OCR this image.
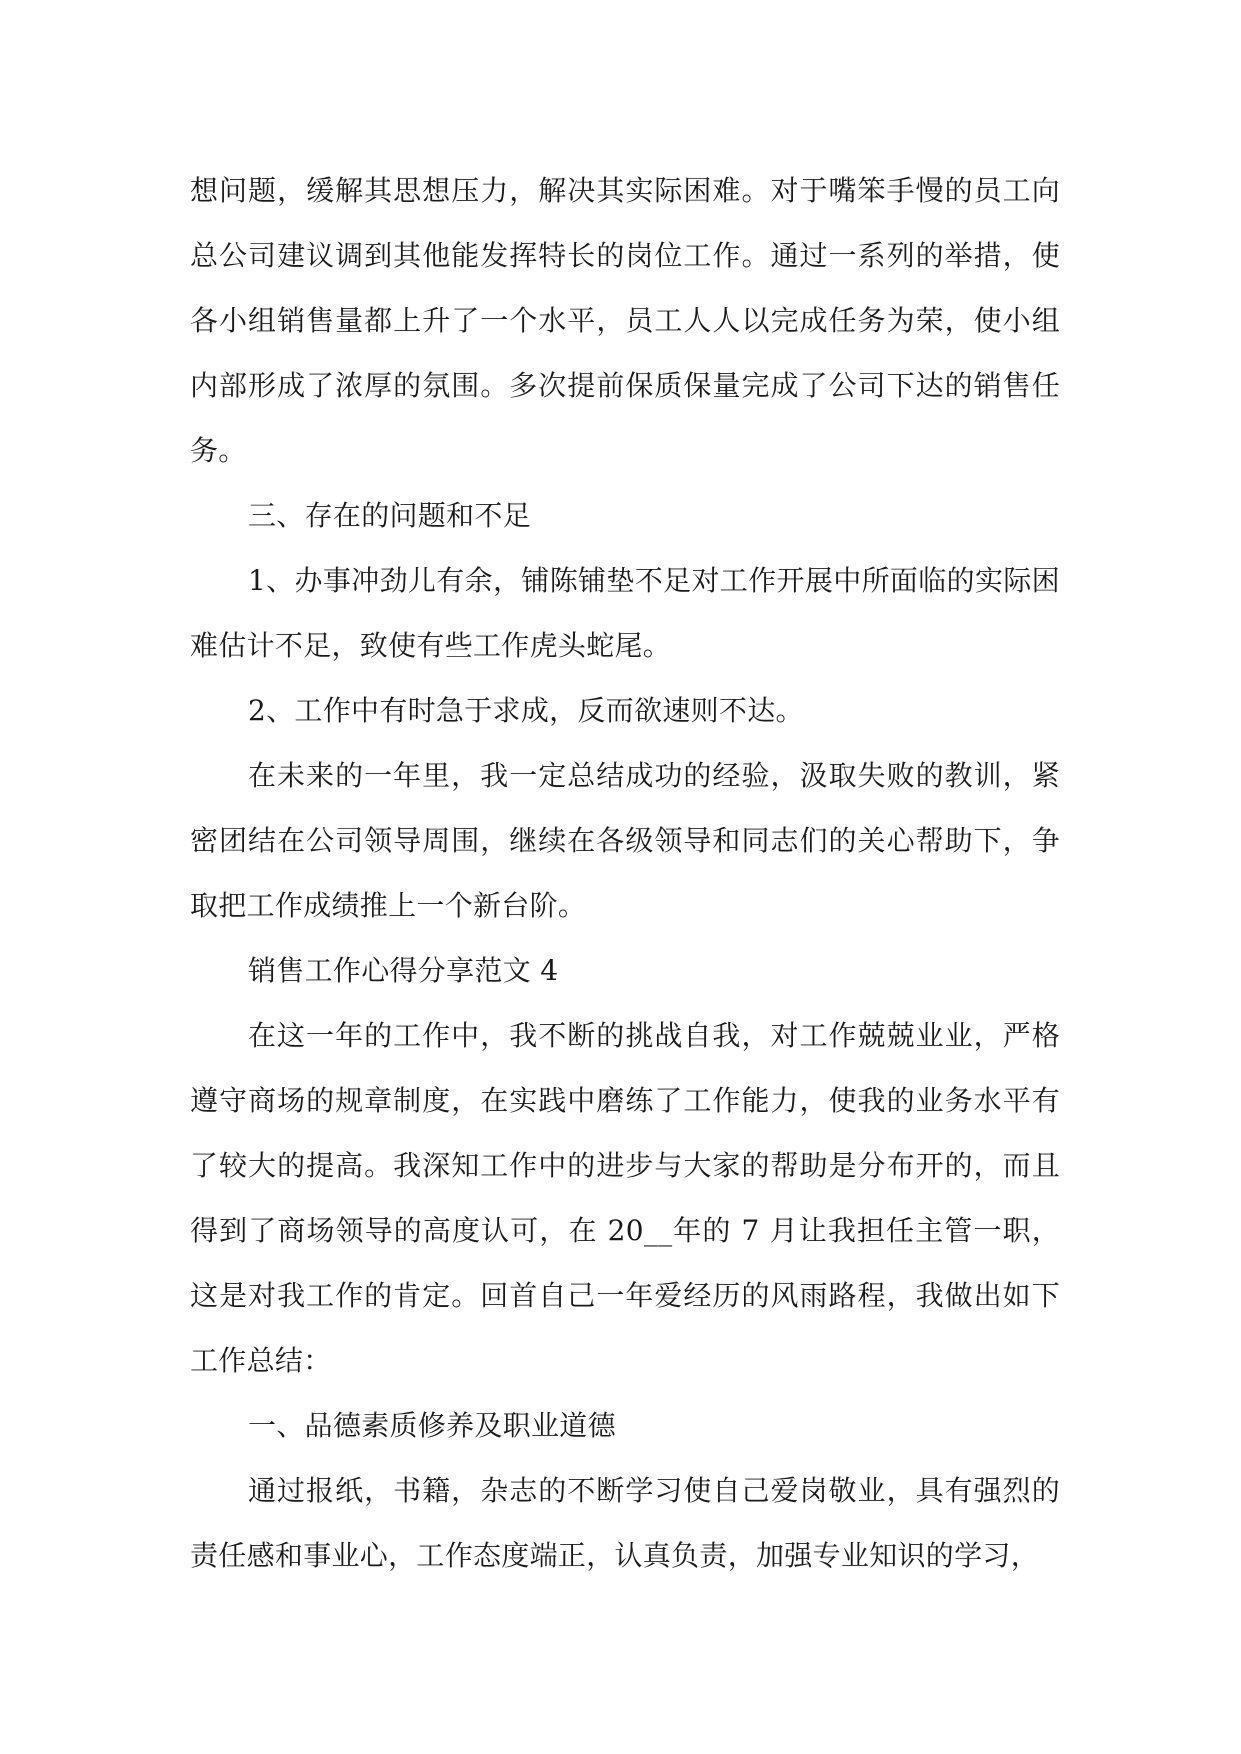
想问题，缓解其思想压力，解决其实际困难。对于嘴笨手慢的员工向总公司建议调到其他能发挥特长的岗位工作。通过一系列的举措，使各小组销售量都上升了一个水平，员工人人以完成任务为荣，使小组内部形成了浓厚的氛围。多次提前保质保量完成了公司下达的销售任务。

三、存在的问题和不足

1、办事冲劲儿有余，铺陈铺垫不足对工作开展中所面临的实际困难估计不足，致使有些工作虎头蛇尾。

2、工作中有时急于求成，反而欲速则不达。

在未来的一年里，我一定总结成功的经验，汲取失败的教训，紧密团结在公司领导周围，继续在各级领导和同志们的关心帮助下，争取把工作成绩推上一个新台阶。

销售工作心得分享范文 4

在这一年的工作中，我不断的挑战自我，对工作兢兢业业，严格遵守商场的规章制度，在实践中磨练了工作能力，使我的业务水平有了较大的提高。我深知工作中的进步与大家的帮助是分布开的，而且得到了商场领导的高度认可，在 20__年的 7 月让我担任主管一职，这是对我工作的肯定。回首自己一年爱经历的风雨路程，我做出如下工作总结：

一、品德素质修养及职业道德

通过报纸，书籍，杂志的不断学习使自己爱岗敬业，具有强烈的责任感和事业心，工作态度端正，认真负责，加强专业知识的学习，
